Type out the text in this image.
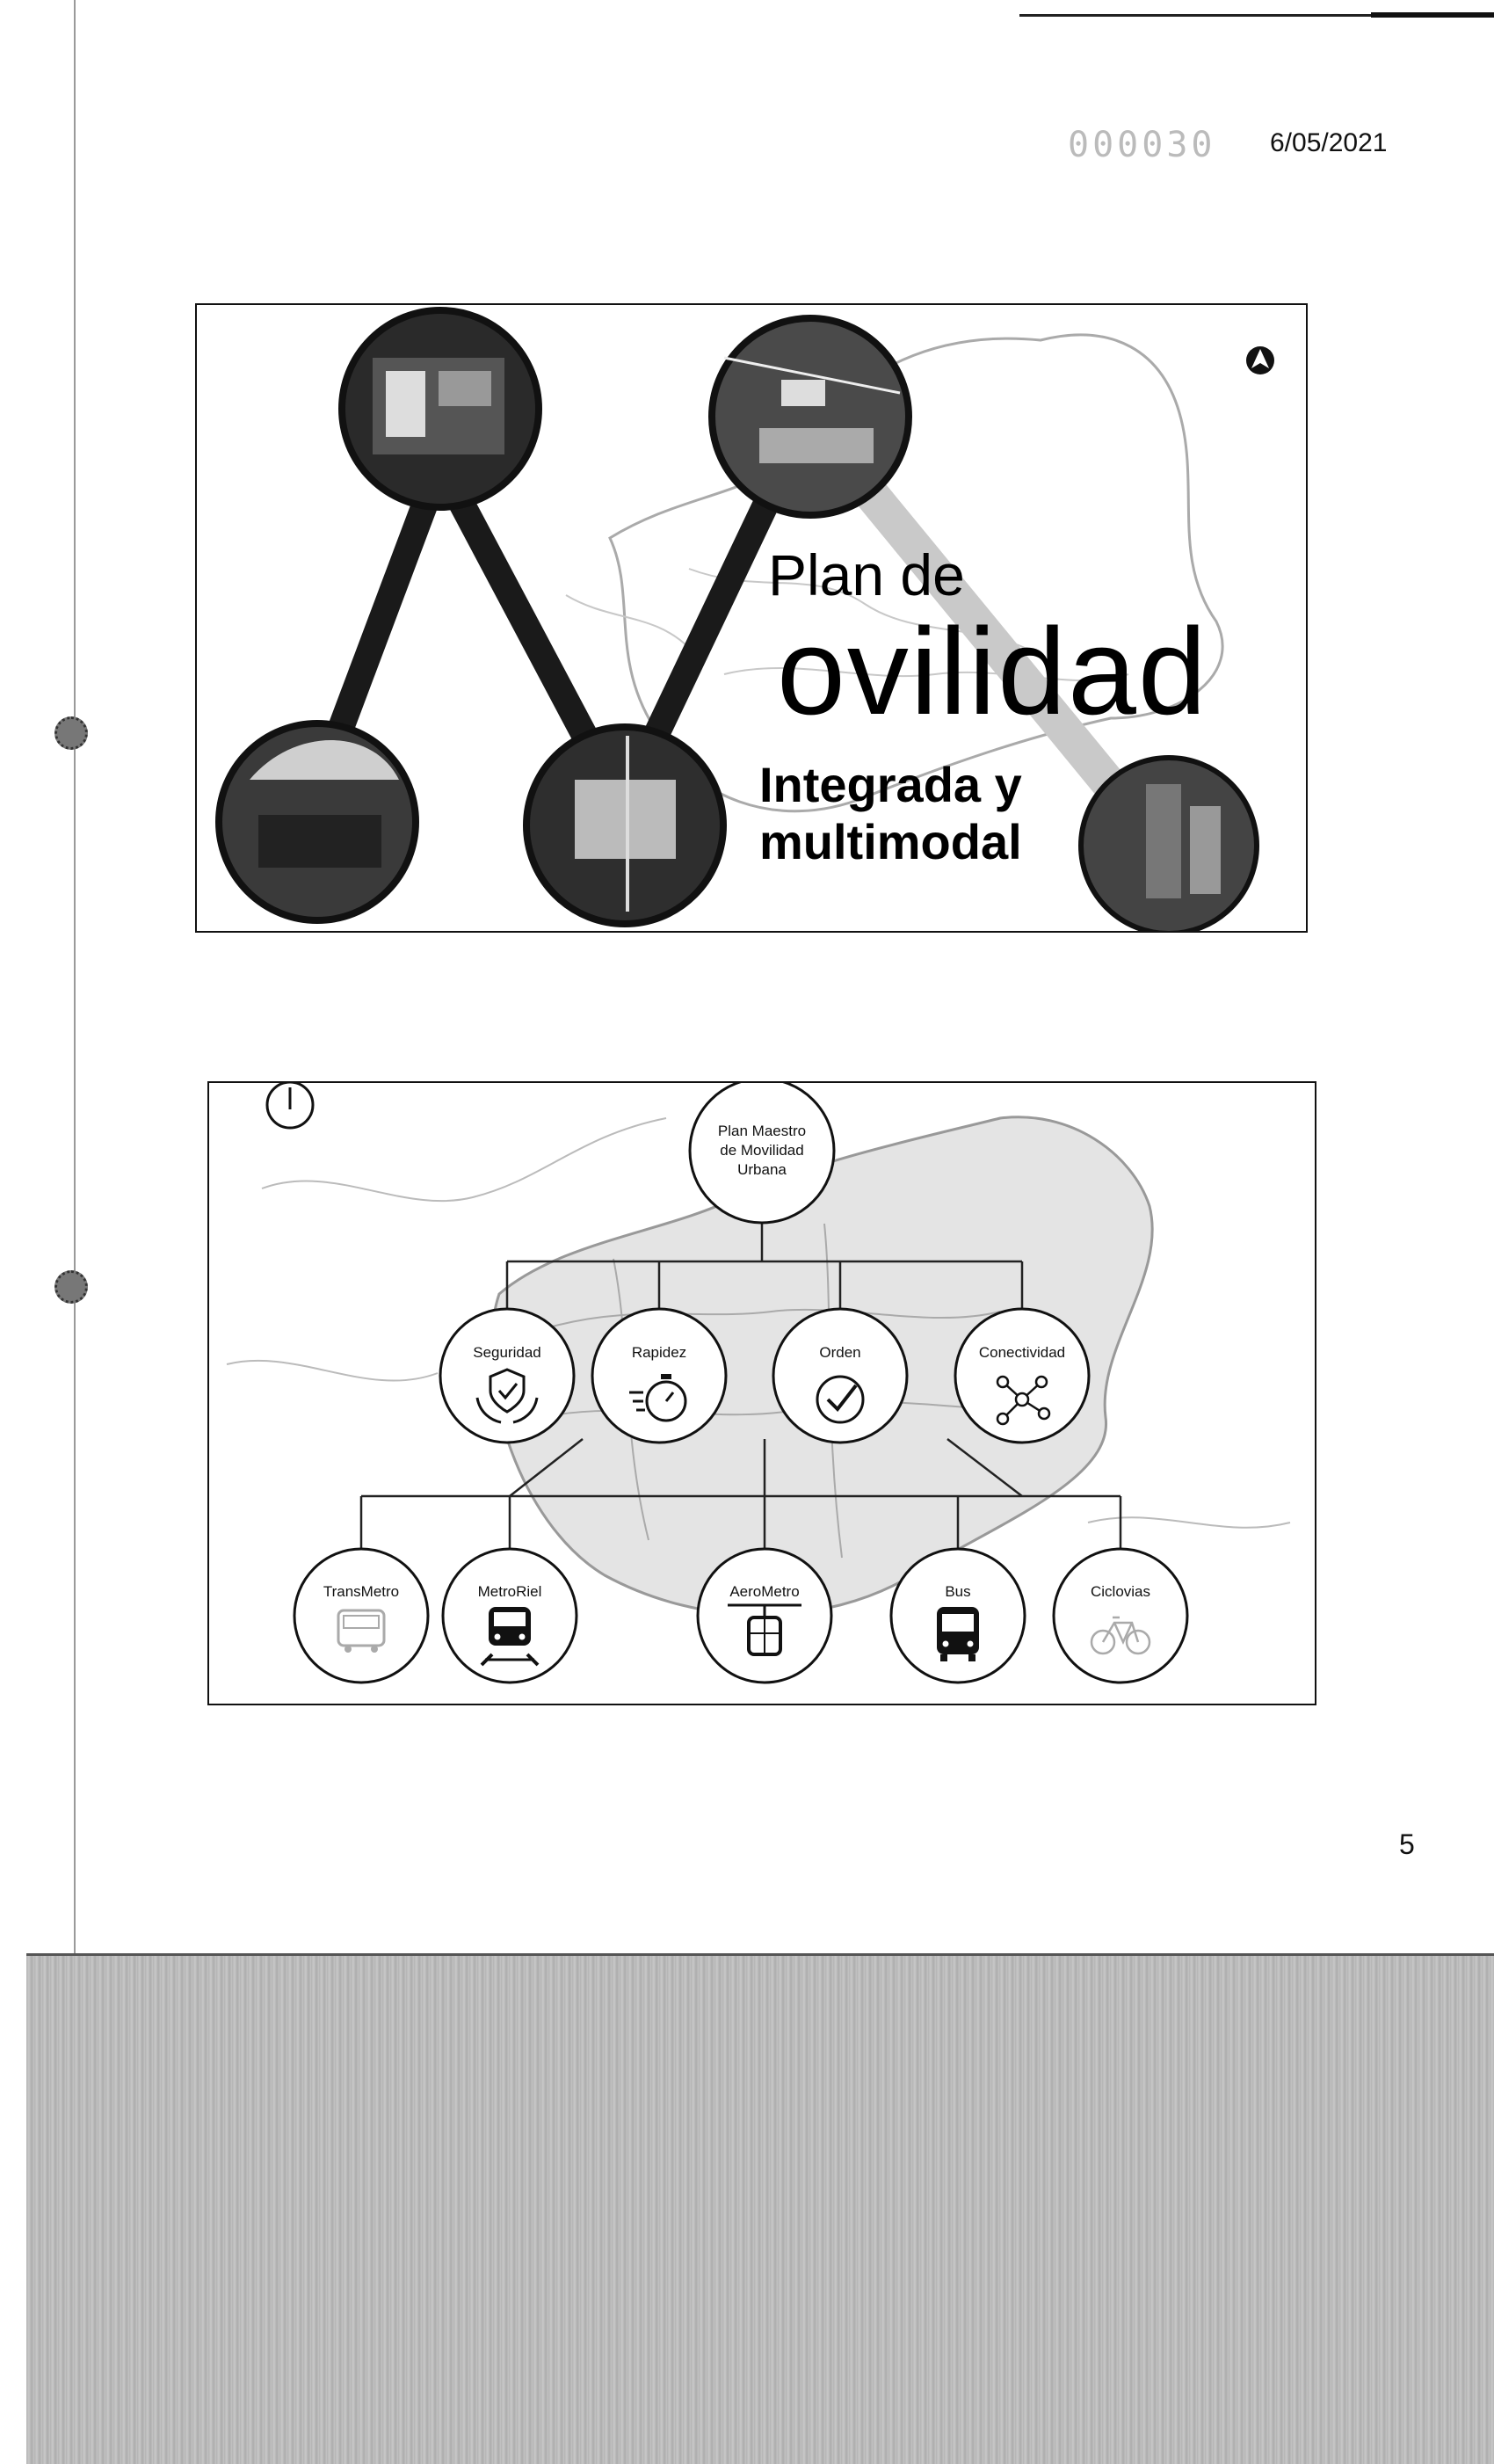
000030 6/05/2021
Plan de
ovilidad
Integrada y
multimodal
Plan Maestro
de Movilidad
Urbana
Seguridad	Rapidez	Orden	Conectividad
TransMetro	MetroRiel	AeroMetro	Bus	Ciclovias
5
